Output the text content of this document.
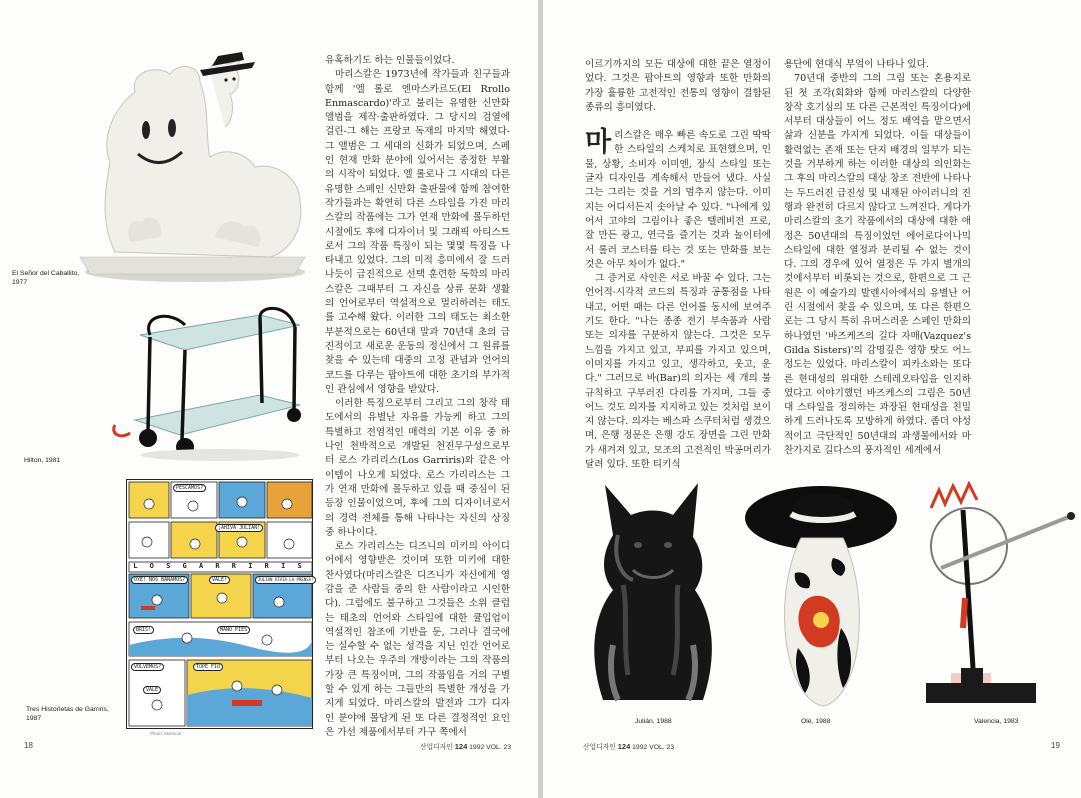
El Señor del Caballito, 1977
Hilton, 1981
L O S G A R R I R I S
PESCAMOS?
¡AHIVA JULIAN!
OYE! NOS BAÑAMOS?	VALE!	JULIAN VIVIA LA PRENSA!
BRIS!	MANO PIES
VOLVEMOS?	TOPE FIO
VALE
Photo: Mariscal
Tres Historietas de Garriris, 1987

유혹하기도 하는 인물들이었다.

마리스칼은 1973년에 작가들과 친구들과 함께 '엘 롤로 엔마스카르도(El Rrollo Enmascardo)'라고 불리는 유명한 신만화 앨범을 제작·출판하였다. 그 당시의 검열에 걸린-그 해는 프랑코 독재의 마지막 해였다-그 앨범은 그 세대의 신화가 되었으며, 스페인 현재 만화 분야에 있어서는 중정한 부활의 시작이 되었다. 엘 롤로나 그 시대의 다른 유명한 스페인 신만화 출판물에 함께 참여한 작가들과는 확연히 다른 스타일을 가진 마리스칼의 작품에는 그가 연재 만화에 몰두하던 시절에도 후에 디자이너 및 그래픽 아티스트로서 그의 작품 특징이 되는 몇몇 특징을 나타내고 있었다. 그의 미적 흥미에서 잘 드러나듯이 급진적으로 선택 훈련한 독학의 마리스칼은 그때부터 그 자신을 상류 문화 생활의 언어로부터 역설적으로 멀리하려는 태도를 고수해 왔다. 이러한 그의 태도는 최소한 부분적으로는 60년대 말과 70년대 초의 급진적이고 새로운 운동의 정신에서 그 원류를 찾을 수 있는데 대중의 고정 관념과 언어의 코드를 다루는 팝아트에 대한 초기의 부가적인 관심에서 영향을 받았다.

이러한 특징으로부터 그리고 그의 창작 태도에서의 유별난 자유를 가능케 하고 그의 특별하고 전염적인 매력의 기본 이유 중 하나인 천박적으로 개발된 천진무구성으로부터 로스 가리리스(Los Garriris)와 같은 아이템이 나오게 되었다. 로스 가리리스는 그가 연재 만화에 몰두하고 있을 때 중심이 된 등장 인물이었으며, 후에 그의 디자이너로서의 경력 전체를 통해 나타나는 자신의 상징 중 하나이다.

로스 가리리스는 디즈니의 미키의 아이디어에서 영향받은 것이며 또한 미키에 대한 찬사였다(마리스칼은 디즈니가 자신에게 영감을 준 사람들 중의 한 사람이라고 시인한다). 그럼에도 불구하고 그것들은 소위 클럽는 태초의 언어와 스타일에 대한 큘입업이 역설적인 참조에 기반을 둔, 그러나 결국에는 실수할 수 없는 성격을 지닌 인간 언어로부터 나오는 우주의 개방이라는 그의 작품의 가장 큰 특징이며, 그의 작품임을 거의 구별할 수 있게 하는 그들만의 특별한 개성을 가지게 되었다. 마리스칼의 발전과 그가 디자인 분야에 몰담게 된 또 다른 결정적인 요인은 가선 제품에서부터 가구 쪽에서

18	산업디자인 124 1992 VOL. 23

이르기까지의 모든 대상에 대한 끝은 열정이었다. 그것은 팝아트의 영향과 또한 만화의 가장 훌륭한 고전적인 전통의 영향이 결합된 종류의 흥미였다.

마리스칼은 매우 빠른 속도로 그린 딱딱한 스타일의 스케치로 표현했으며, 인물, 상황, 소비자 이미엔, 장식 스타일 또는 글자 디자인을 계속해서 만들어 냈다. 사실 그는 그리는 것을 거의 멈추지 않는다. 이미지는 어디서든지 솟아날 수 있다. "나에게 있어서 고야의 그림이나 좋은 텔레비전 프로, 잘 만든 광고, 연극을 즐기는 것과 놀이터에서 롤러 코스터를 타는 것 또는 만화를 보는 것은 아무 차이가 없다."

그 증거로 사인은 서로 바꿀 수 있다. 그는 언어적·시각적 코드의 특징과 공통점을 나타내고, 어떤 때는 다른 언어를 동시에 보여주기도 한다. "나는 종종 전기 부속품과 사람 또는 의자를 구분하지 않는다. 그것은 모두 느낌을 가지고 있고, 부피를 가지고 있으며, 이미지를 가지고 있고, 생각하고, 웃고, 운다." 그러므로 바(Bar)의 의자는 세 개의 불규칙하고 구부러진 다리를 가지며, 그들 중 어느 것도 의자를 지지하고 있는 것처럼 보이지 않는다. 의자는 베스파 스쿠터처럼 생겼으며, 은행 정문은 은행 강도 장면을 그린 만화가 새겨져 있고, 모조의 고전적인 박공머리가 달려 있다. 또한 티키식

용단에 현대식 부엌이 나타나 있다.

70년대 중반의 그의 그림 또는 혼용지로 된 첫 조각(회화와 함께 마리스칼의 다양한 창작 호기심의 또 다른 근본적인 특징이다)에서부터 대상들이 어느 정도 배역을 맡으면서 삶과 신분을 가지게 되었다. 이들 대상들이 활력없는 존재 또는 단지 배경의 일부가 되는 것을 거부하게 하는 이러한 대상의 의인화는 그 후의 마리스칼의 대상 창조 전반에 나타나는 두드러진 급진성 및 내재된 아이러니의 진행과 완전히 다르지 않다고 느껴진다. 게다가 마리스칼의 초기 작품에서의 대상에 대한 애정은 50년대의 특징이었던 에어로다이나믹 스타일에 대한 열정과 분리될 수 없는 것이다. 그의 경우에 있어 열정은 두 가지 별개의 것에서부터 비롯되는 것으로, 한편으로 그 근원은 이 예술가의 발렌시아에서의 유별난 어린 시절에서 찾을 수 있으며, 또 다른 한편으로는 그 당시 특히 유머스러운 스페인 만화의 하나였던 '바즈케즈의 길다 자매(Vazquez's Gilda Sisters)'의 감명깊은 영향 탓도 어느 정도는 있었다. 마리스칼이 피카소와는 또다른 현대성의 위대한 스테레오타입을 인지하였다고 이야기했던 바즈케스의 그림은 50년대 스타일을 정의하는 과장된 현대성을 친밀하게 드러나도록 모방하게 하였다. 좀더 야성적이고 극단적인 50년대의 과생물에서와 마찬가지로 길다스의 풍자적인 세계에서

Julián, 1988	Olé, 1988	Valencia, 1983
산업디자인 124 1992 VOL. 23	19
